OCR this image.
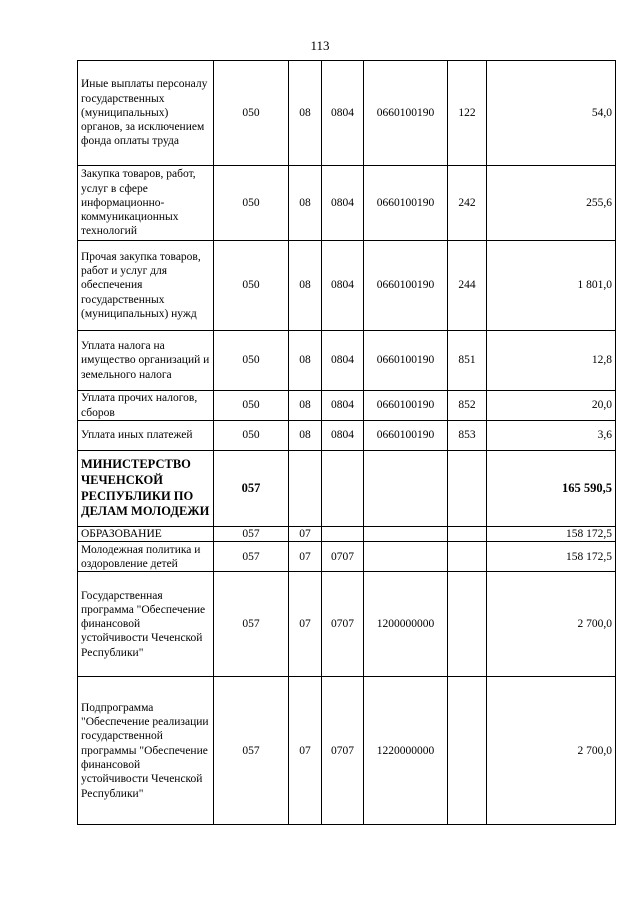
113
Иные выплаты персоналу государственных (муниципальных) органов, за исключением фонда оплаты труда	050	08	0804	0660100190	122	54,0
Закупка товаров, работ, услуг в сфере информационно-коммуникационных технологий	050	08	0804	0660100190	242	255,6
Прочая закупка товаров, работ и услуг для обеспечения государственных (муниципальных) нужд	050	08	0804	0660100190	244	1 801,0
Уплата налога на имущество организаций и земельного налога	050	08	0804	0660100190	851	12,8
Уплата прочих налогов, сборов	050	08	0804	0660100190	852	20,0
Уплата иных платежей	050	08	0804	0660100190	853	3,6
МИНИСТЕРСТВО ЧЕЧЕНСКОЙ РЕСПУБЛИКИ ПО ДЕЛАМ МОЛОДЕЖИ	057					165 590,5
ОБРАЗОВАНИЕ	057	07				158 172,5
Молодежная политика и оздоровление детей	057	07	0707			158 172,5
Государственная программа "Обеспечение финансовой устойчивости Чеченской Республики"	057	07	0707	1200000000		2 700,0
Подпрограмма "Обеспечение реализации государственной программы "Обеспечение финансовой устойчивости Чеченской Республики"	057	07	0707	1220000000		2 700,0
